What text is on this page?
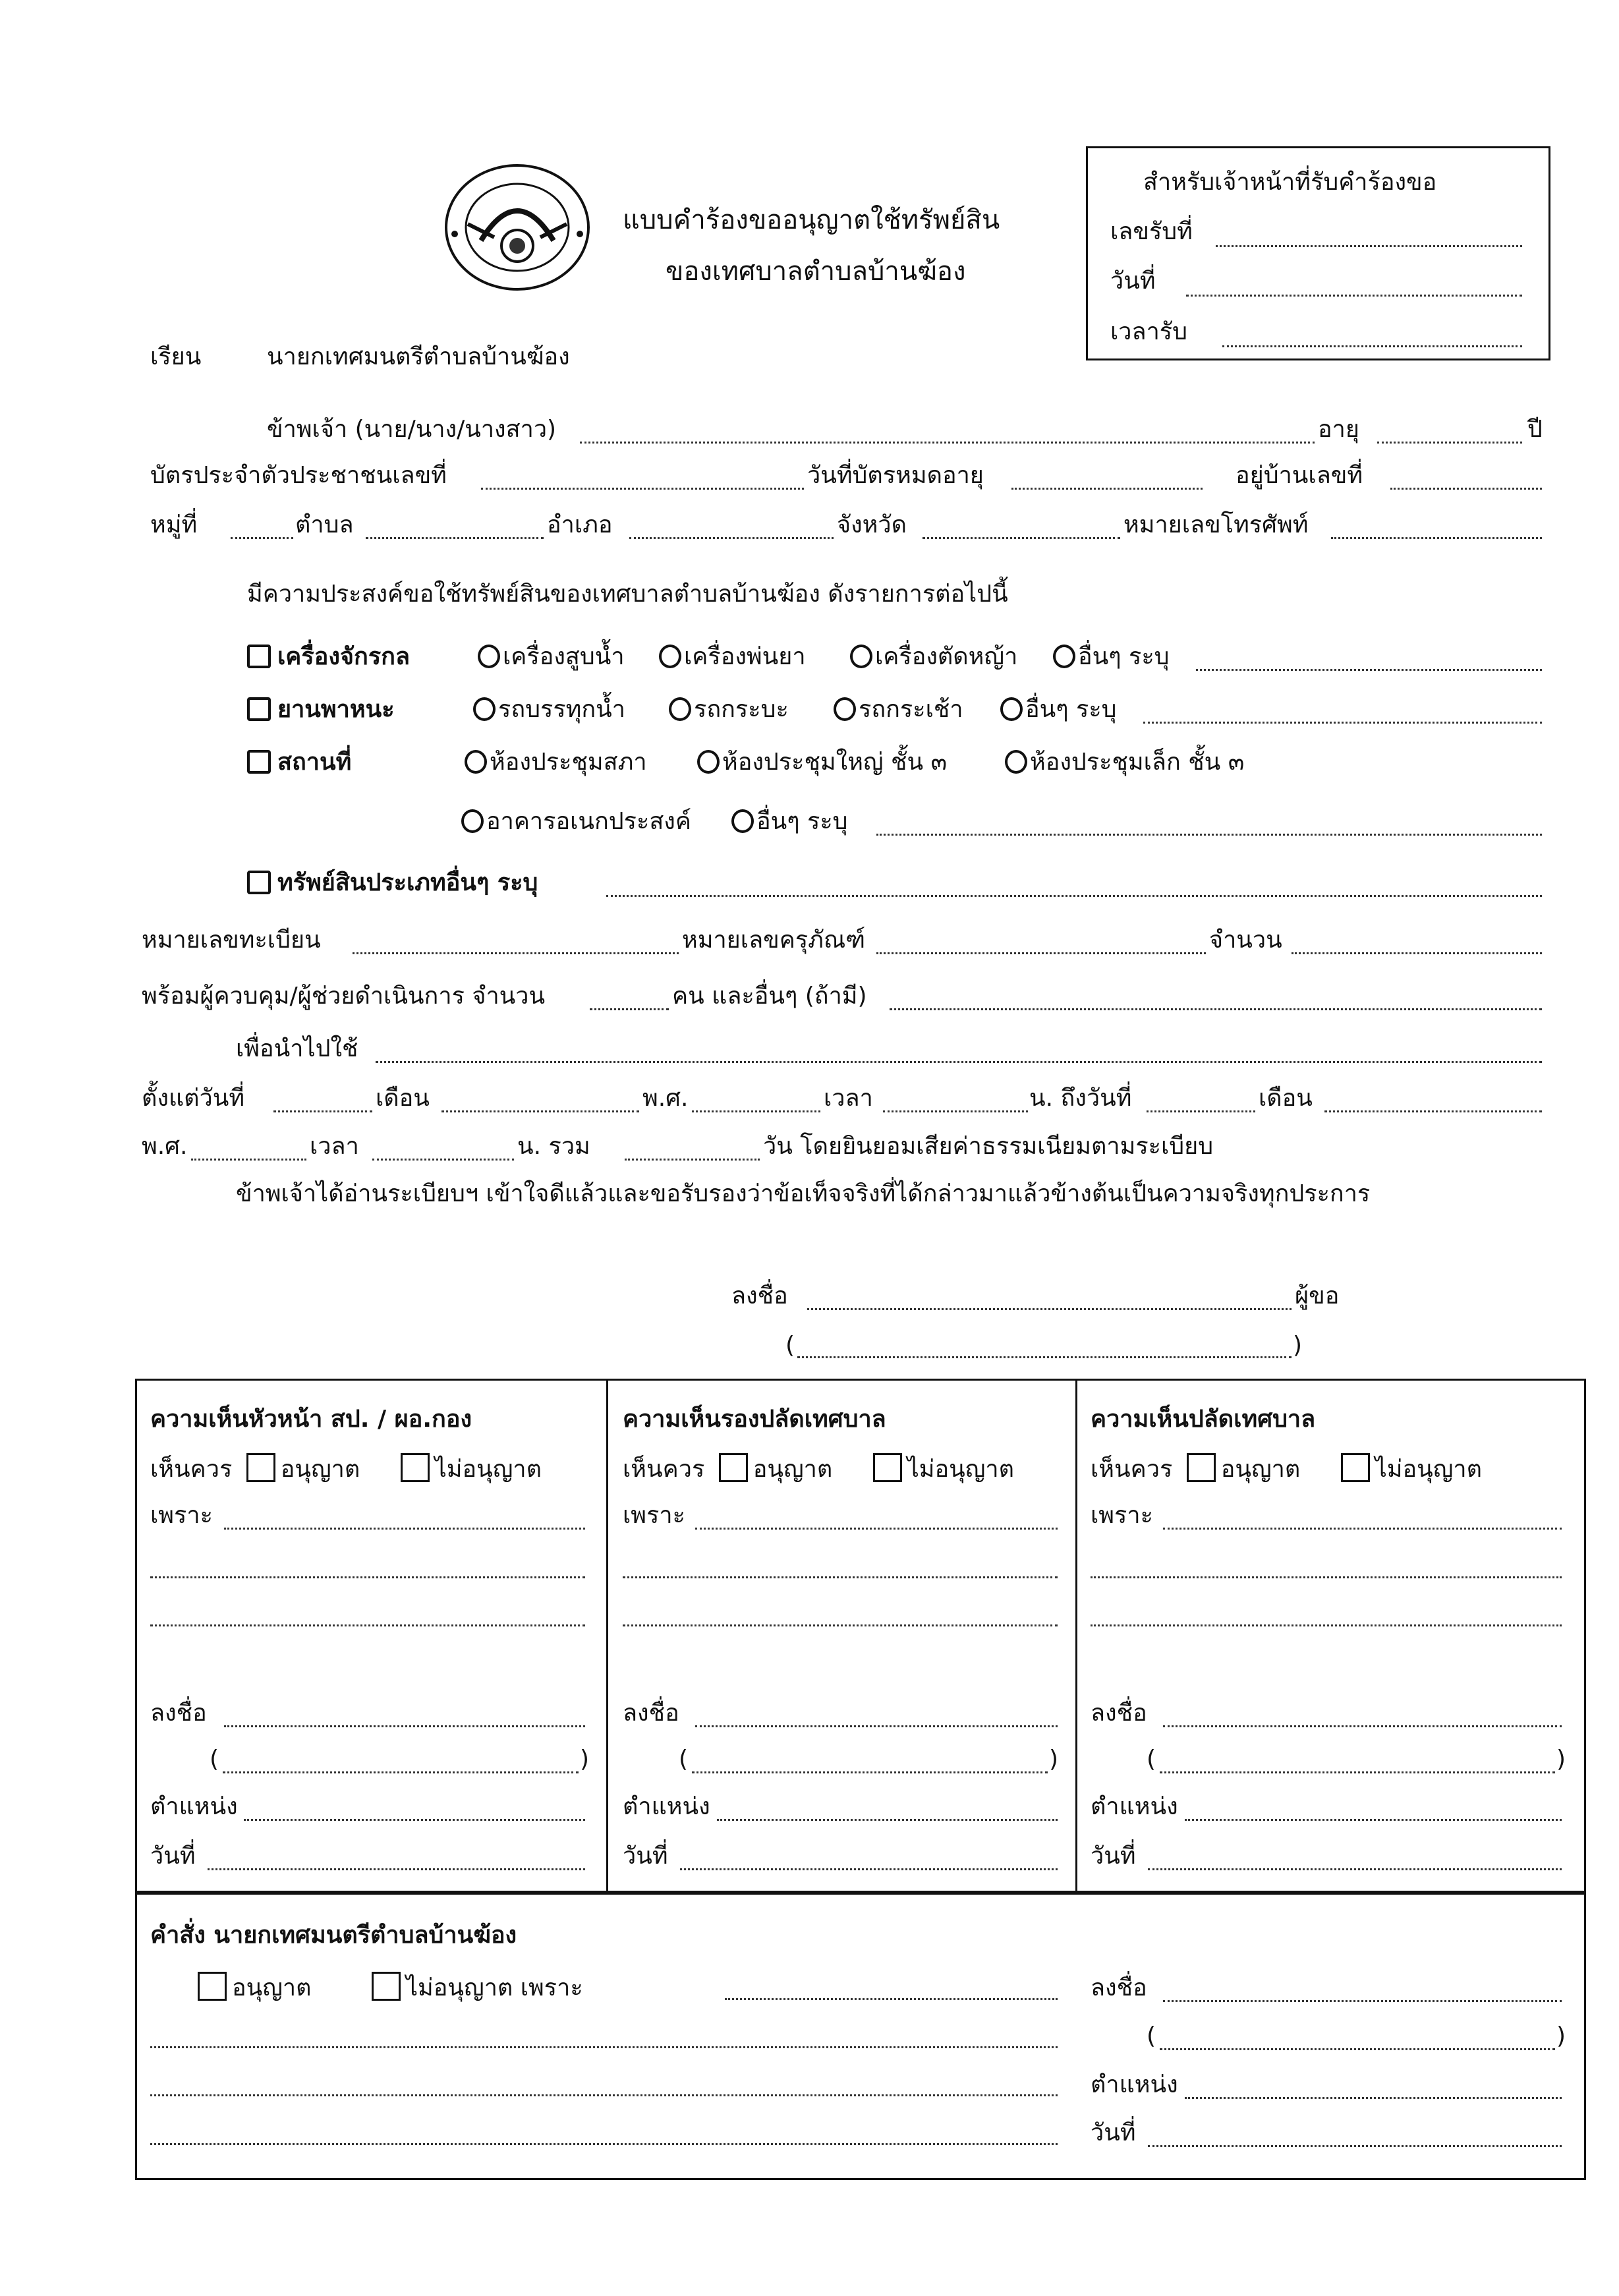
แบบคำร้องขออนุญาตใช้ทรัพย์สิน
ของเทศบาลตำบลบ้านฆ้อง
สำหรับเจ้าหน้าที่รับคำร้องขอ
เลขรับที่
วันที่
เวลารับ
เรียน	นายกเทศมนตรีตำบลบ้านฆ้อง
ข้าพเจ้า (นาย/นาง/นางสาว)	อายุ	ปี
บัตรประจำตัวประชาชนเลขที่	วันที่บัตรหมดอายุ	อยู่บ้านเลขที่
หมู่ที่	ตำบล	อำเภอ	จังหวัด	หมายเลขโทรศัพท์
มีความประสงค์ขอใช้ทรัพย์สินของเทศบาลตำบลบ้านฆ้อง ดังรายการต่อไปนี้
เครื่องจักรกล	เครื่องสูบน้ำ	เครื่องพ่นยา	เครื่องตัดหญ้า	อื่นๆ ระบุ
ยานพาหนะ	รถบรรทุกน้ำ	รถกระบะ	รถกระเช้า	อื่นๆ ระบุ
สถานที่	ห้องประชุมสภา	ห้องประชุมใหญ่ ชั้น ๓	ห้องประชุมเล็ก ชั้น ๓
อาคารอเนกประสงค์	อื่นๆ ระบุ
ทรัพย์สินประเภทอื่นๆ ระบุ
หมายเลขทะเบียน	หมายเลขครุภัณฑ์	จำนวน
พร้อมผู้ควบคุม/ผู้ช่วยดำเนินการ จำนวน	คน และอื่นๆ (ถ้ามี)
เพื่อนำไปใช้
ตั้งแต่วันที่	เดือน	พ.ศ.	เวลา	น. ถึงวันที่	เดือน
พ.ศ.	เวลา	น. รวม	วัน โดยยินยอมเสียค่าธรรมเนียมตามระเบียบ
ข้าพเจ้าได้อ่านระเบียบฯ เข้าใจดีแล้วและขอรับรองว่าข้อเท็จจริงที่ได้กล่าวมาแล้วข้างต้นเป็นความจริงทุกประการ
ลงชื่อ	ผู้ขอ
(	)
ความเห็นหัวหน้า สป. / ผอ.กอง
เห็นควร อนุญาต	ไม่อนุญาต
เพราะ
ลงชื่อ
(	)
ตำแหน่ง
วันที่
ความเห็นรองปลัดเทศบาล
เห็นควร อนุญาต	ไม่อนุญาต
เพราะ
ลงชื่อ
(	)
ตำแหน่ง
วันที่
ความเห็นปลัดเทศบาล
เห็นควร อนุญาต	ไม่อนุญาต
เพราะ
ลงชื่อ
(	)
ตำแหน่ง
วันที่
คำสั่ง นายกเทศมนตรีตำบลบ้านฆ้อง
อนุญาต	ไม่อนุญาต เพราะ	ลงชื่อ
(	)
ตำแหน่ง
วันที่
